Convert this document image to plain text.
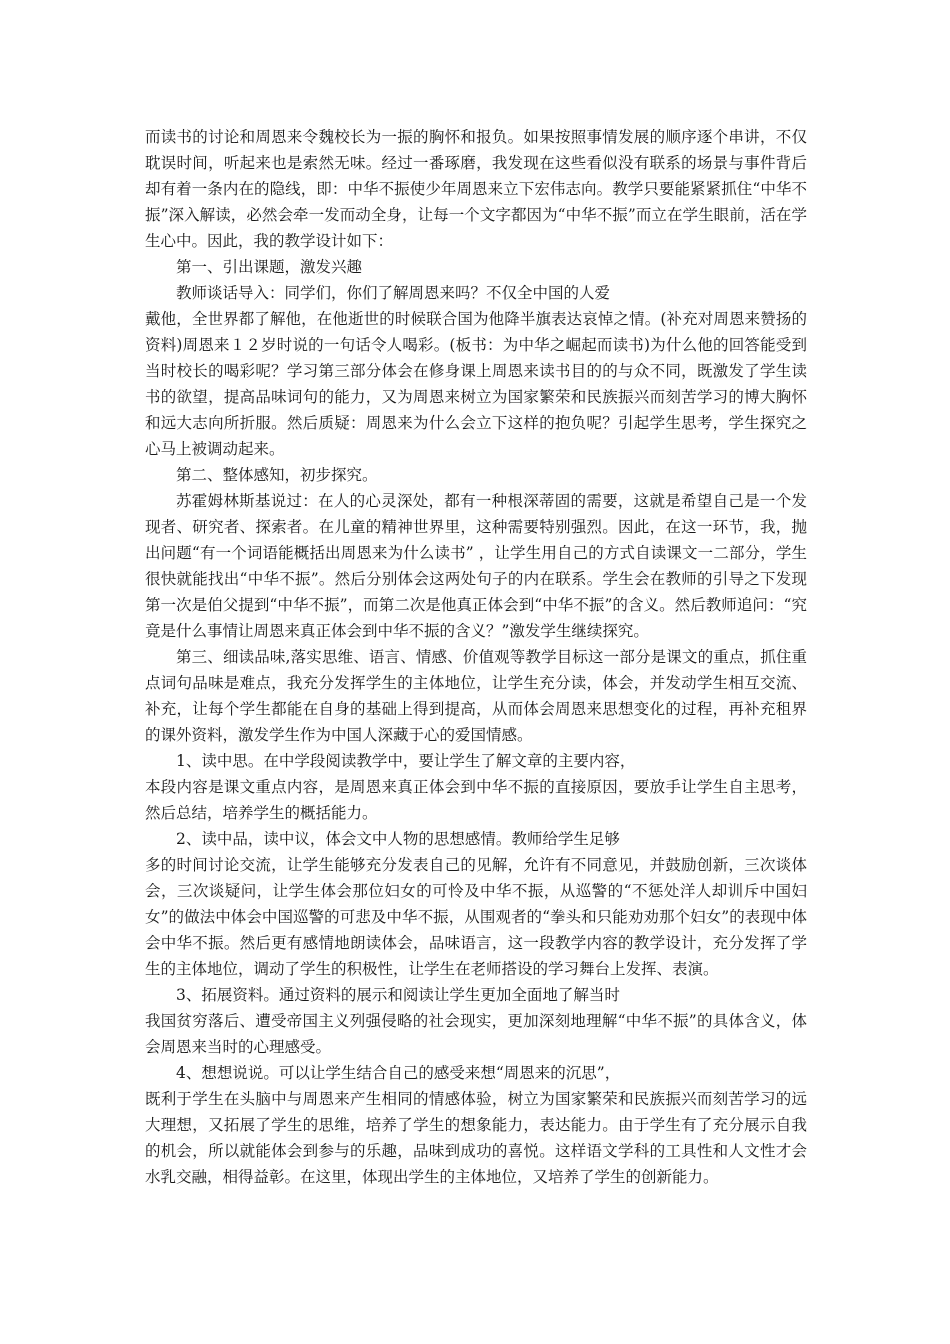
而读书的讨论和周恩来令魏校长为一振的胸怀和报负。如果按照事情发展的顺序逐个串讲，不仅耽误时间，听起来也是索然无味。经过一番琢磨，我发现在这些看似没有联系的场景与事件背后却有着一条内在的隐线，即：中华不振使少年周恩来立下宏伟志向。教学只要能紧紧抓住“中华不振”深入解读，必然会牵一发而动全身，让每一个文字都因为“中华不振”而立在学生眼前，活在学生心中。因此，我的教学设计如下：

第一、引出课题，激发兴趣

教师谈话导入：同学们，你们了解周恩来吗？不仅全中国的人爱

戴他，全世界都了解他，在他逝世的时候联合国为他降半旗表达哀悼之情。(补充对周恩来赞扬的资料)周恩来１２岁时说的一句话令人喝彩。(板书：为中华之崛起而读书)为什么他的回答能受到当时校长的喝彩呢？学习第三部分体会在修身课上周恩来读书目的的与众不同，既激发了学生读书的欲望，提高品味词句的能力，又为周恩来树立为国家繁荣和民族振兴而刻苦学习的博大胸怀和远大志向所折服。然后质疑：周恩来为什么会立下这样的抱负呢？引起学生思考，学生探究之心马上被调动起来。

第二、整体感知，初步探究。

苏霍姆林斯基说过：在人的心灵深处，都有一种根深蒂固的需要，这就是希望自己是一个发现者、研究者、探索者。在儿童的精神世界里，这种需要特别强烈。因此，在这一环节，我，抛出问题“有一个词语能概括出周恩来为什么读书” ，让学生用自己的方式自读课文一二部分，学生很快就能找出“中华不振”。然后分别体会这两处句子的内在联系。学生会在教师的引导之下发现第一次是伯父提到“中华不振”，而第二次是他真正体会到“中华不振”的含义。然后教师追问：“究竟是什么事情让周恩来真正体会到中华不振的含义？”激发学生继续探究。

第三、细读品味,落实思维、语言、情感、价值观等教学目标这一部分是课文的重点，抓住重点词句品味是难点，我充分发挥学生的主体地位，让学生充分读，体会，并发动学生相互交流、补充，让每个学生都能在自身的基础上得到提高，从而体会周恩来思想变化的过程，再补充租界的课外资料，激发学生作为中国人深藏于心的爱国情感。

1、读中思。在中学段阅读教学中，要让学生了解文章的主要内容，

本段内容是课文重点内容，是周恩来真正体会到中华不振的直接原因，要放手让学生自主思考，然后总结，培养学生的概括能力。

2、读中品，读中议，体会文中人物的思想感情。教师给学生足够

多的时间讨论交流，让学生能够充分发表自己的见解，允许有不同意见，并鼓励创新，三次谈体会，三次谈疑问，让学生体会那位妇女的可怜及中华不振，从巡警的“不惩处洋人却训斥中国妇女”的做法中体会中国巡警的可悲及中华不振，从围观者的“拳头和只能劝劝那个妇女”的表现中体会中华不振。然后更有感情地朗读体会，品味语言，这一段教学内容的教学设计，充分发挥了学生的主体地位，调动了学生的积极性，让学生在老师搭设的学习舞台上发挥、表演。

3、拓展资料。通过资料的展示和阅读让学生更加全面地了解当时

我国贫穷落后、遭受帝国主义列强侵略的社会现实，更加深刻地理解“中华不振”的具体含义，体会周恩来当时的心理感受。

4、想想说说。可以让学生结合自己的感受来想“周恩来的沉思”，

既利于学生在头脑中与周恩来产生相同的情感体验，树立为国家繁荣和民族振兴而刻苦学习的远大理想，又拓展了学生的思维，培养了学生的想象能力，表达能力。由于学生有了充分展示自我的机会，所以就能体会到参与的乐趣，品味到成功的喜悦。这样语文学科的工具性和人文性才会水乳交融，相得益彰。在这里，体现出学生的主体地位，又培养了学生的创新能力。
